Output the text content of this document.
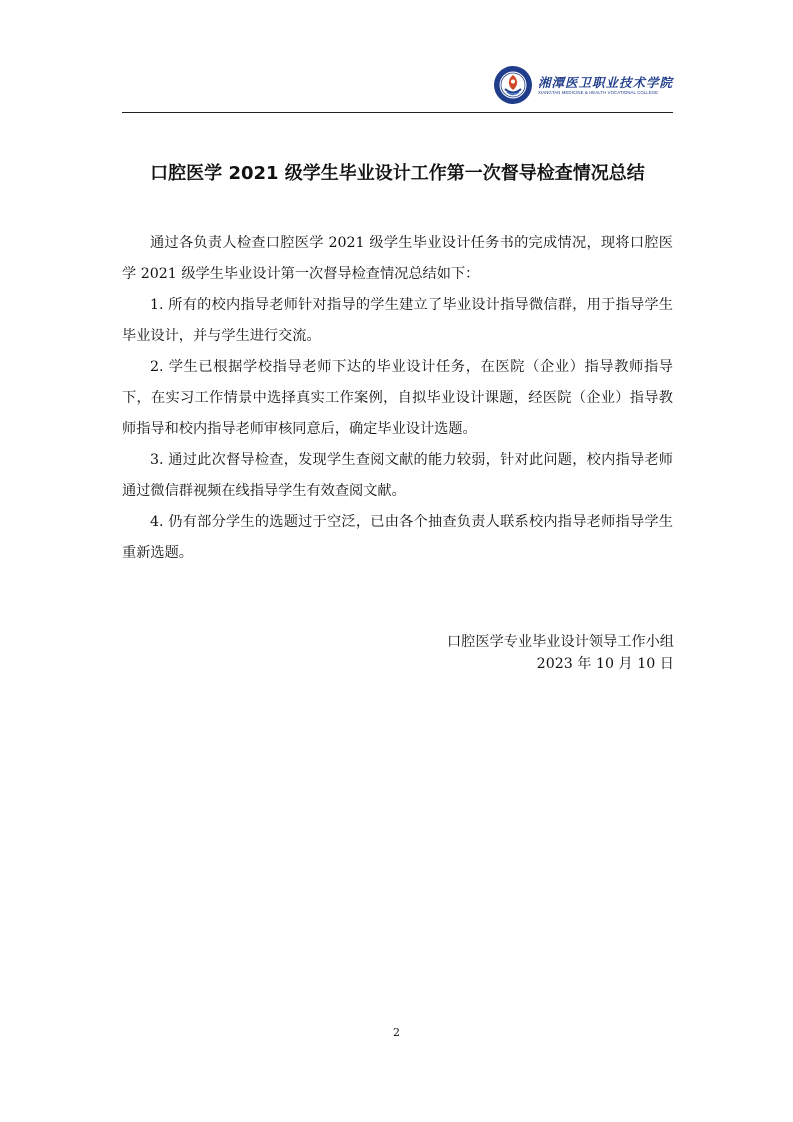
湘潭医卫职业技术学院
XIANGTAN MEDICINE & HEALTH VOCATIONAL COLLEGE
口腔医学 2021 级学生毕业设计工作第一次督导检查情况总结

通过各负责人检查口腔医学 2021 级学生毕业设计任务书的完成情况，现将口腔医学 2021 级学生毕业设计第一次督导检查情况总结如下：

1. 所有的校内指导老师针对指导的学生建立了毕业设计指导微信群，用于指导学生毕业设计，并与学生进行交流。

2. 学生已根据学校指导老师下达的毕业设计任务，在医院（企业）指导教师指导下，在实习工作情景中选择真实工作案例，自拟毕业设计课题，经医院（企业）指导教师指导和校内指导老师审核同意后，确定毕业设计选题。

3. 通过此次督导检查，发现学生查阅文献的能力较弱，针对此问题，校内指导老师通过微信群视频在线指导学生有效查阅文献。

4. 仍有部分学生的选题过于空泛，已由各个抽查负责人联系校内指导老师指导学生重新选题。

口腔医学专业毕业设计领导工作小组
2023 年 10 月 10 日
2
